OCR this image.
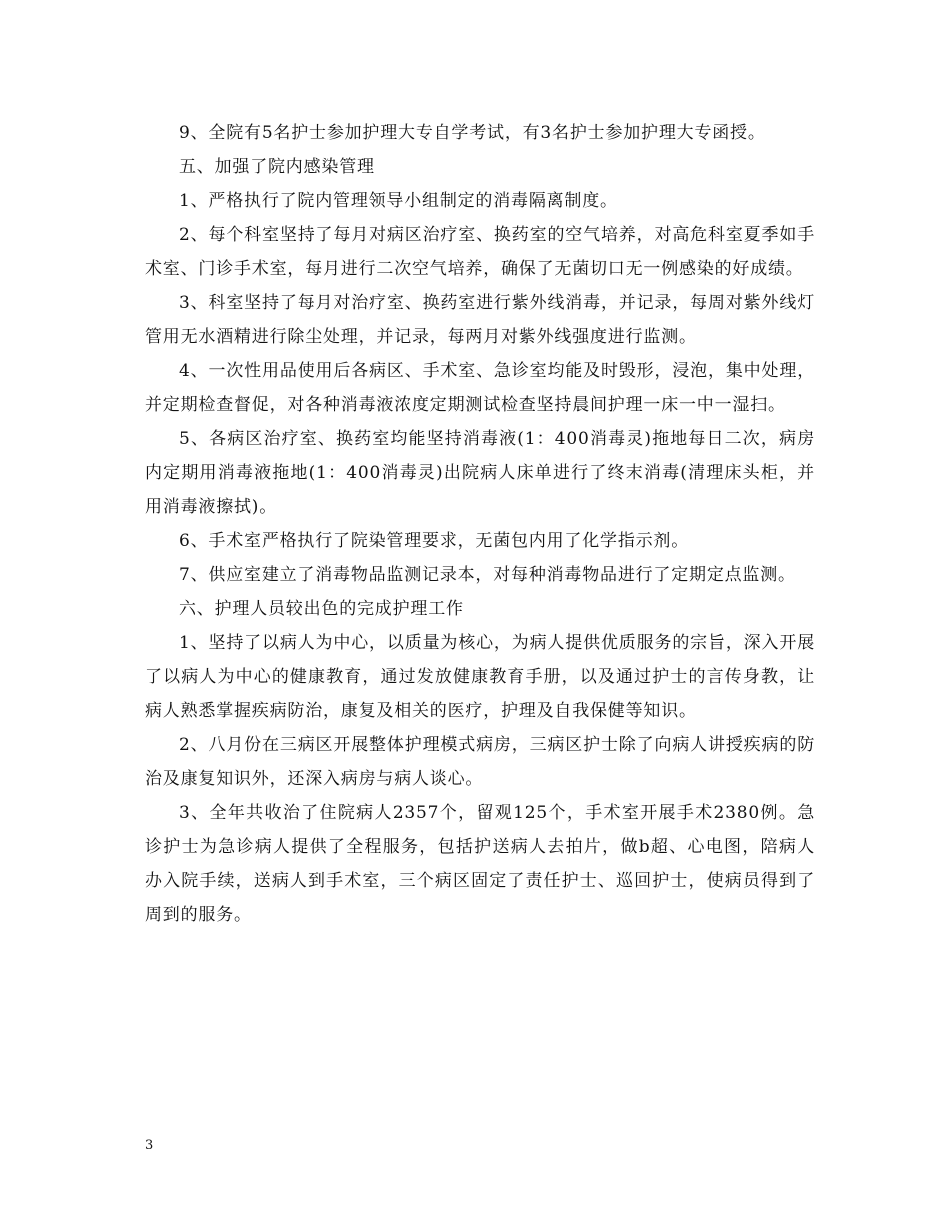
9、全院有5名护士参加护理大专自学考试，有3名护士参加护理大专函授。

五、加强了院内感染管理

1、严格执行了院内管理领导小组制定的消毒隔离制度。

2、每个科室坚持了每月对病区治疗室、换药室的空气培养，对高危科室夏季如手术室、门诊手术室，每月进行二次空气培养，确保了无菌切口无一例感染的好成绩。

3、科室坚持了每月对治疗室、换药室进行紫外线消毒，并记录，每周对紫外线灯管用无水酒精进行除尘处理，并记录，每两月对紫外线强度进行监测。

4、一次性用品使用后各病区、手术室、急诊室均能及时毁形，浸泡，集中处理，并定期检查督促，对各种消毒液浓度定期测试检查坚持晨间护理一床一中一湿扫。

5、各病区治疗室、换药室均能坚持消毒液(1：400消毒灵)拖地每日二次，病房内定期用消毒液拖地(1：400消毒灵)出院病人床单进行了终末消毒(清理床头柜，并用消毒液擦拭)。

6、手术室严格执行了院染管理要求，无菌包内用了化学指示剂。

7、供应室建立了消毒物品监测记录本，对每种消毒物品进行了定期定点监测。

六、护理人员较出色的完成护理工作

1、坚持了以病人为中心，以质量为核心，为病人提供优质服务的宗旨，深入开展了以病人为中心的健康教育，通过发放健康教育手册，以及通过护士的言传身教，让病人熟悉掌握疾病防治，康复及相关的医疗，护理及自我保健等知识。

2、八月份在三病区开展整体护理模式病房，三病区护士除了向病人讲授疾病的防治及康复知识外，还深入病房与病人谈心。

3、全年共收治了住院病人2357个，留观125个，手术室开展手术2380例。急诊护士为急诊病人提供了全程服务，包括护送病人去拍片，做b超、心电图，陪病人办入院手续，送病人到手术室，三个病区固定了责任护士、巡回护士，使病员得到了周到的服务。

3
